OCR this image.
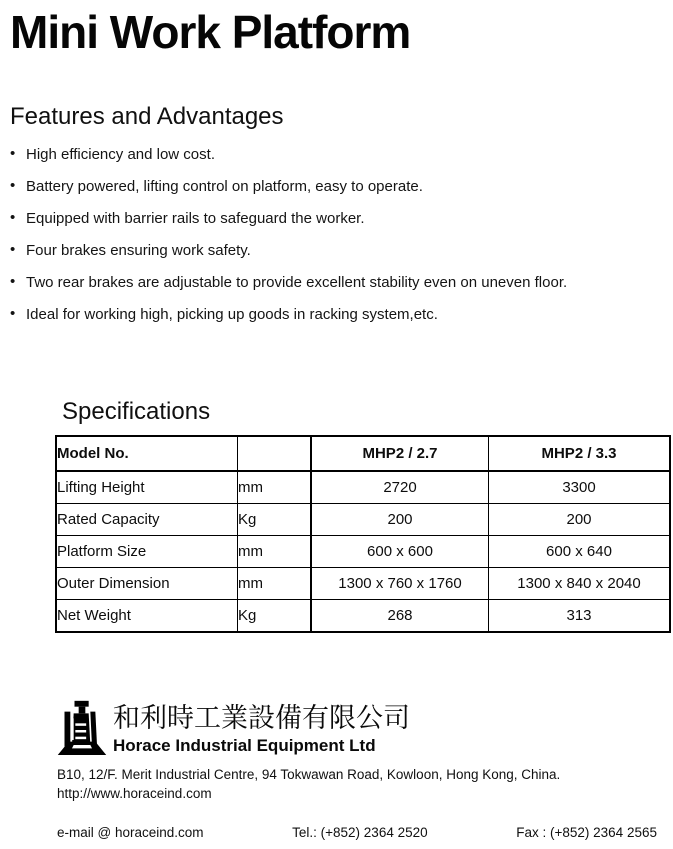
Mini Work Platform
Features and Advantages
• High efficiency and low cost.
• Battery powered, lifting control on platform, easy to operate.
• Equipped with barrier rails to safeguard the worker.
• Four brakes ensuring work safety.
• Two rear brakes are adjustable to provide excellent stability even on uneven floor.
• Ideal for working high, picking up goods in racking system,etc.
Specifications
Model No.		MHP2 / 2.7	MHP2 / 3.3
Lifting Height	mm	2720	3300
Rated Capacity	Kg	200	200
Platform Size	mm	600 x 600	600 x 640
Outer Dimension	mm	1300 x 760 x 1760	1300 x 840 x 2040
Net Weight	Kg	268	313
和利時工業設備有限公司
Horace Industrial Equipment Ltd
B10, 12/F. Merit Industrial Centre, 94 Tokwawan Road, Kowloon, Hong Kong, China.
http://www.horaceind.com
e-mail @ horaceind.com	Tel.: (+852) 2364 2520	Fax : (+852) 2364 2565
